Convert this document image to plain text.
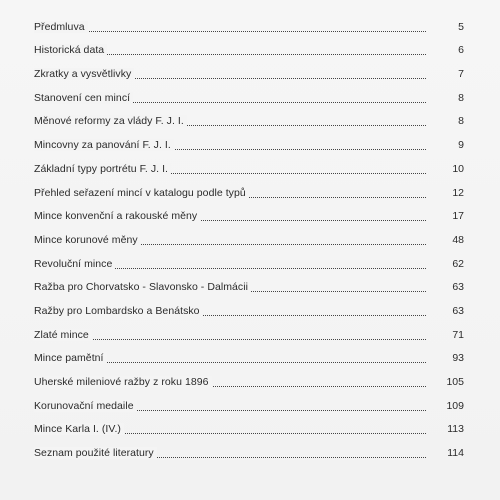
Předmluva	5
Historická data	6
Zkratky a vysvětlivky	7
Stanovení cen mincí	8
Měnové reformy za vlády F. J. I.	8
Mincovny za panování F. J. I.	9
Základní typy portrétu F. J. I.	10
Přehled seřazení mincí v katalogu podle typů	12
Mince konvenční a rakouské měny	17
Mince korunové měny	48
Revoluční mince	62
Ražba pro Chorvatsko - Slavonsko - Dalmácii	63
Ražby pro Lombardsko a Benátsko	63
Zlaté mince	71
Mince pamětní	93
Uherské mileniové ražby z roku 1896	105
Korunovační medaile	109
Mince Karla I. (IV.)	113
Seznam použité literatury	114
